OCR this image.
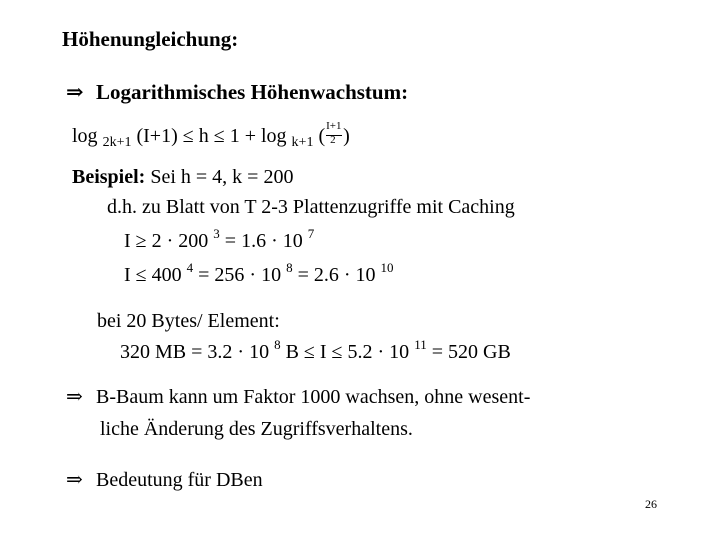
Höhenungleichung:
⇒ Logarithmisches Höhenwachstum:
log $_{2k+1}$ (I+1) ≤ h ≤ 1 + log $_{k+1}$ ( $\frac{I+1}{2}$ )
Beispiel: Sei h = 4, k = 200
d.h. zu Blatt von T 2-3 Plattenzugriffe mit Caching
I ≥ 2 · 200 $^3$ = 1.6 · 10 $^7$
I ≤ 400 $^4$ = 256 · 10 $^8$ = 2.6 · 10 $^{10}$
bei 20 Bytes/ Element:
320 MB = 3.2 · 10 $^8$ B ≤ I ≤ 5.2 · 10 $^{11}$ = 520 GB
⇒ B-Baum kann um Faktor 1000 wachsen, ohne wesent-
liche Änderung des Zugriffsverhaltens.
⇒ Bedeutung für DBen
26
